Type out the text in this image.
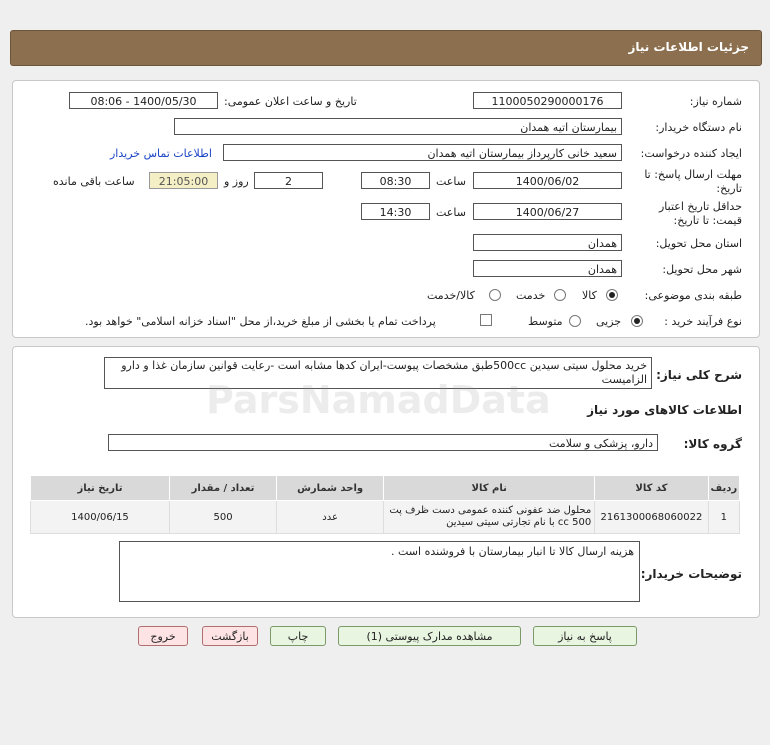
جزئیات اطلاعات نیاز
شماره نیاز:
1100050290000176
تاریخ و ساعت اعلان عمومی:
1400/05/30 - 08:06
نام دستگاه خریدار:
بیمارستان اتیه همدان
ایجاد کننده درخواست:
سعید خانی کارپرداز بیمارستان اتیه همدان
اطلاعات تماس خریدار
مهلت ارسال پاسخ: تا
تاریخ:
1400/06/02
ساعت
08:30
2
روز و
21:05:00
ساعت باقی مانده
حداقل تاریخ اعتبار
قیمت: تا تاریخ:
1400/06/27
ساعت
14:30
استان محل تحویل:
همدان
شهر محل تحویل:
همدان
طبقه بندی موضوعی:
کالا
خدمت
کالا/خدمت
نوع فرآیند خرید :
جزیی
متوسط
پرداخت تمام یا بخشی از مبلغ خرید،از محل "اسناد خزانه اسلامی" خواهد بود.
شرح کلی نیاز:
خرید محلول سیتی سیدین 500ccطبق مشخصات پیوست-ایران کدها مشابه است -رعایت قوانین سازمان غذا و دارو الزامیست
اطلاعات کالاهای مورد نیاز
گروه کالا:
دارو، پزشکی و سلامت
ردیف	کد کالا	نام کالا	واحد شمارش	تعداد / مقدار	تاریخ نیاز
1	2161300068060022	محلول ضد عفونی کننده عمومی دست ظرف پت 500 cc با نام تجارتی سیتی سیدین	عدد	500	1400/06/15
توضیحات خریدار:
هزینه ارسال کالا تا انبار بیمارستان با فروشنده است .
پاسخ به نیاز
مشاهده مدارک پیوستی (1)
چاپ
بازگشت
خروج
